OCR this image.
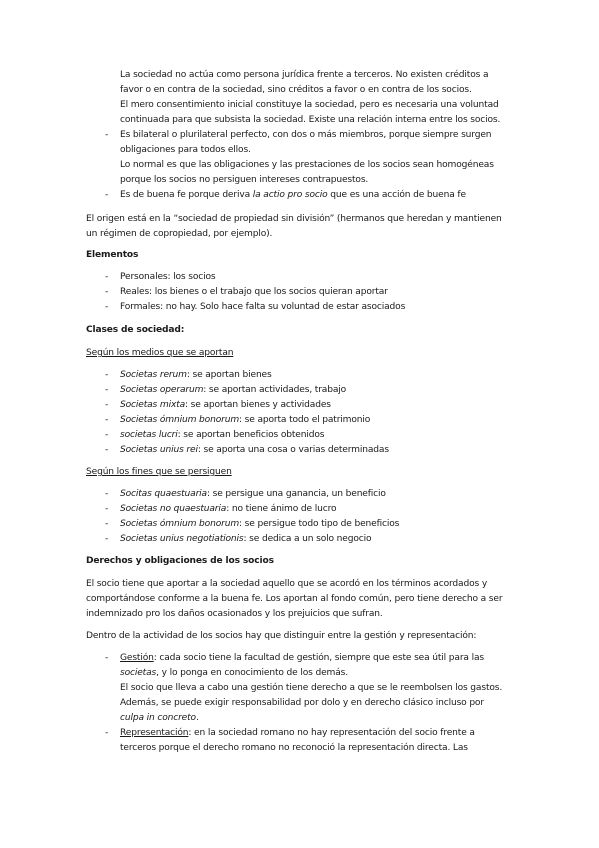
La sociedad no actúa como persona jurídica frente a terceros. No existen créditos a
favor o en contra de la sociedad, sino créditos a favor o en contra de los socios.
El mero consentimiento inicial constituye la sociedad, pero es necesaria una voluntad
continuada para que subsista la sociedad. Existe una relación interna entre los socios.
- Es bilateral o plurilateral perfecto, con dos o más miembros, porque siempre surgen
obligaciones para todos ellos.
Lo normal es que las obligaciones y las prestaciones de los socios sean homogéneas
porque los socios no persiguen intereses contrapuestos.
- Es de buena fe porque deriva la actio pro socio que es una acción de buena fe
El origen está en la “sociedad de propiedad sin división” (hermanos que heredan y mantienen
un régimen de copropiedad, por ejemplo).
Elementos
- Personales: los socios
- Reales: los bienes o el trabajo que los socios quieran aportar
- Formales: no hay. Solo hace falta su voluntad de estar asociados
Clases de sociedad:
Según los medios que se aportan
- Societas rerum: se aportan bienes
- Societas operarum: se aportan actividades, trabajo
- Societas mixta: se aportan bienes y actividades
- Societas ómnium bonorum: se aporta todo el patrimonio
- societas lucri: se aportan beneficios obtenidos
- Societas unius rei: se aporta una cosa o varias determinadas
Según los fines que se persiguen
- Socitas quaestuaria: se persigue una ganancia, un beneficio
- Societas no quaestuaria: no tiene ánimo de lucro
- Societas ómnium bonorum: se persigue todo tipo de beneficios
- Societas unius negotiationis: se dedica a un solo negocio
Derechos y obligaciones de los socios
El socio tiene que aportar a la sociedad aquello que se acordó en los términos acordados y
comportándose conforme a la buena fe. Los aportan al fondo común, pero tiene derecho a ser
indemnizado pro los daños ocasionados y los prejuicios que sufran.
Dentro de la actividad de los socios hay que distinguir entre la gestión y representación:
- Gestión: cada socio tiene la facultad de gestión, siempre que este sea útil para las
societas, y lo ponga en conocimiento de los demás.
El socio que lleva a cabo una gestión tiene derecho a que se le reembolsen los gastos.
Además, se puede exigir responsabilidad por dolo y en derecho clásico incluso por
culpa in concreto.
- Representación: en la sociedad romano no hay representación del socio frente a
terceros porque el derecho romano no reconoció la representación directa. Las
